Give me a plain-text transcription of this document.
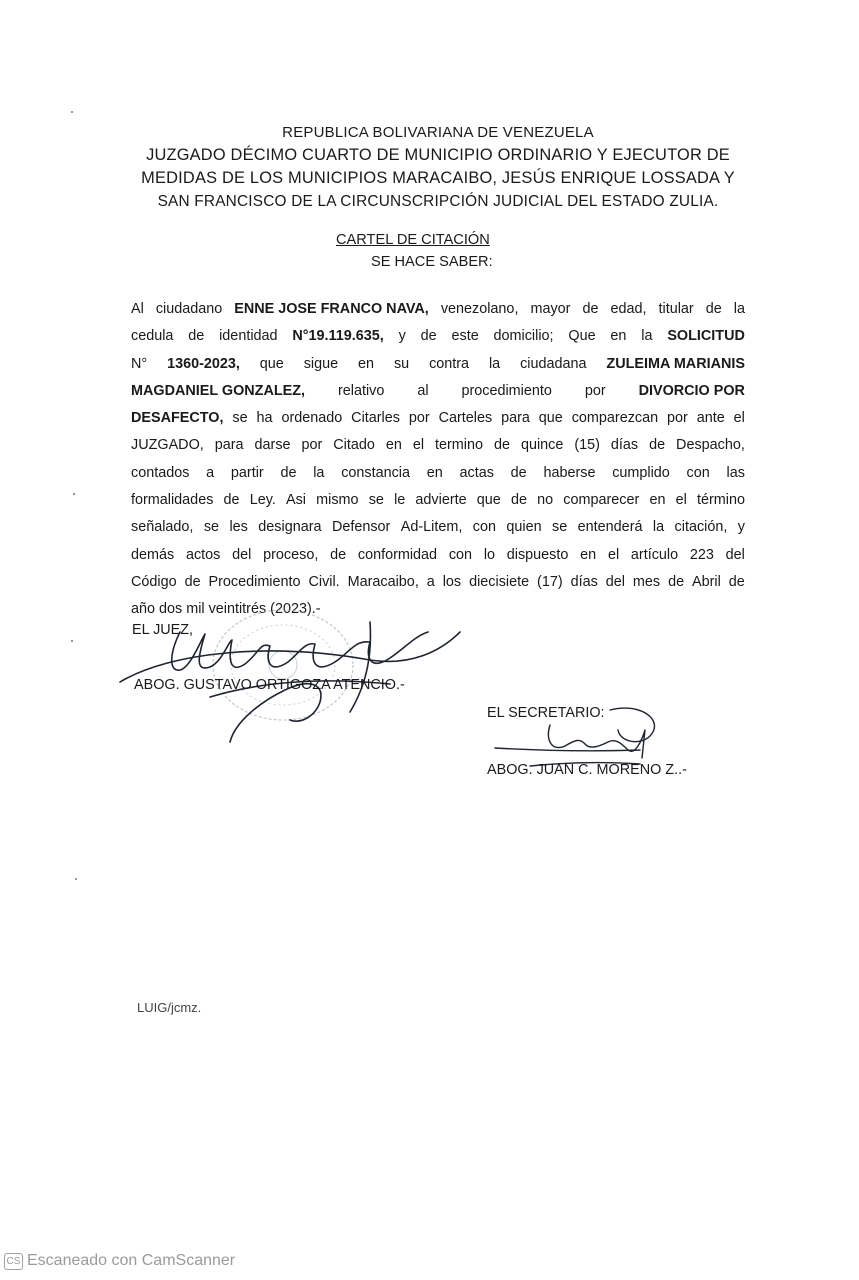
REPUBLICA BOLIVARIANA DE VENEZUELA
JUZGADO DÉCIMO CUARTO DE MUNICIPIO ORDINARIO Y EJECUTOR DE
MEDIDAS DE LOS MUNICIPIOS MARACAIBO, JESÚS ENRIQUE LOSSADA Y
SAN FRANCISCO DE LA CIRCUNSCRIPCIÓN JUDICIAL DEL ESTADO ZULIA.
CARTEL DE CITACIÓN
SE HACE SABER:
Al ciudadano ENNE JOSE FRANCO NAVA, venezolano, mayor de edad, titular de la
cedula de identidad N°19.119.635, y de este domicilio; Que en la SOLICITUD
N° 1360-2023, que sigue en su contra la ciudadana ZULEIMA MARIANIS
MAGDANIEL GONZALEZ, relativo al procedimiento por DIVORCIO POR
DESAFECTO, se ha ordenado Citarles por Carteles para que comparezcan por ante el
JUZGADO, para darse por Citado en el termino de quince (15) días de Despacho,
contados a partir de la constancia en actas de haberse cumplido con las
formalidades de Ley. Asi mismo se le advierte que de no comparecer en el término
señalado, se les designara Defensor Ad-Litem, con quien se entenderá la citación, y
demás actos del proceso, de conformidad con lo dispuesto en el artículo 223 del
Código de Procedimiento Civil. Maracaibo, a los diecisiete (17) días del mes de Abril de
año dos mil veintitrés (2023).-
EL JUEZ,
ABOG. GUSTAVO ORTIGOZA ATENCIO.-
EL SECRETARIO:
ABOG. JUAN C. MORENO Z..-
LUIG/jcmz.
CS Escaneado con CamScanner
